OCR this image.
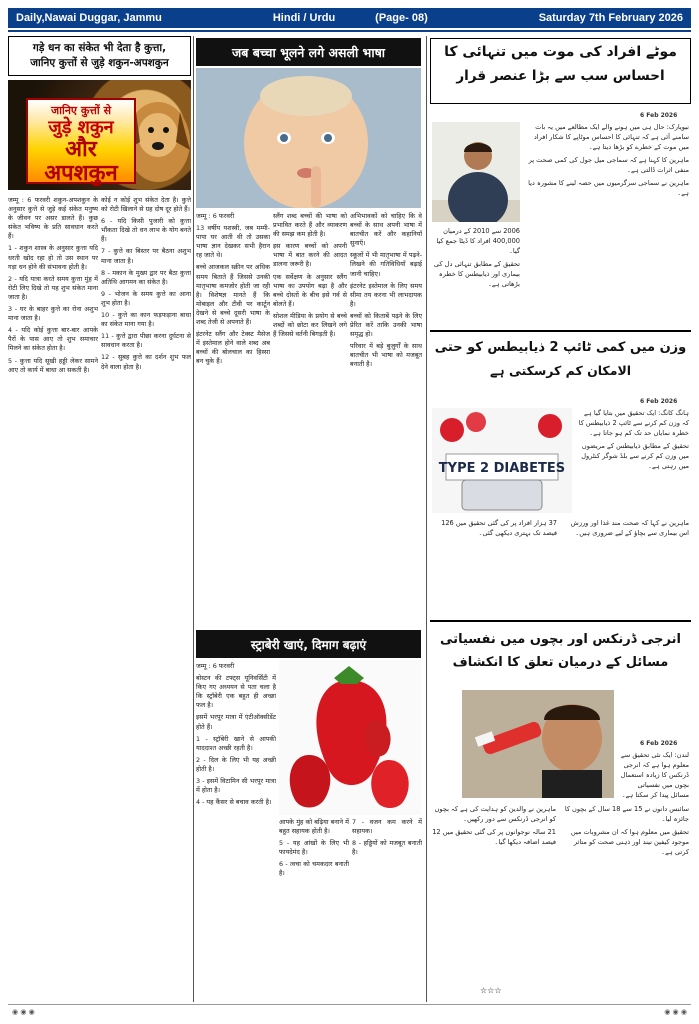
Daily,Nawai Duggar, Jammu	Hindi / Urdu	(Page- 08)	Saturday 7th February 2026
गड़े धन का संकेत भी देता है कुत्ता,
जानिए कुत्तों से जुड़े शकुन-अपशकुन
जानिए कुत्तों से
जुड़े शकुन
और अपशकुन

जम्मू : 6 फरवरी शकुन-अपशकुन के अनुसार कुत्ते से जुड़े कई संकेत मनुष्य के जीवन पर असर डालते हैं। कुछ संकेत भविष्य के प्रति सावधान करते हैं।

1 - शकुन शास्त्र के अनुसार कुत्ता यदि धरती खोद रहा हो तो उस स्थान पर गड़ा धन होने की संभावना होती है।

2 - यदि यात्रा करते समय कुत्ता मुंह में रोटी लिए दिखे तो यह शुभ संकेत माना जाता है।

3 - घर के बाहर कुत्ते का रोना अशुभ माना जाता है।

4 - यदि कोई कुत्ता बार-बार आपके पैरों के पास आए तो शुभ समाचार मिलने का संकेत होता है।

5 - कुत्ता यदि सूखी हड्डी लेकर सामने आए तो कार्य में बाधा आ सकती है।

कोई न कोई शुभ संकेत देता है। कुत्ते को रोटी खिलाने से ग्रह दोष दूर होते हैं।

6 - यदि किसी पुजारी को कुत्ता भौंकता दिखे तो धन लाभ के योग बनते हैं।

7 - कुत्ते का बिस्तर पर बैठना अशुभ माना जाता है।

8 - मकान के मुख्य द्वार पर बैठा कुत्ता अतिथि आगमन का संकेत है।

9 - भोजन के समय कुत्ते का आना शुभ होता है।

10 - कुत्ते का कान फड़फड़ाना बाधा का संकेत माना गया है।

11 - कुत्ते द्वारा पीछा करना दुर्घटना से सावधान करता है।

12 - सुबह कुत्ते का दर्शन शुभ फल देने वाला होता है।

जब बच्चा भूलने लगे असली भाषा

जम्मू : 6 फरवरी

13 वर्षीय यशस्वी, जब मम्मी-पापा घर आती थी तो उसका भाषा ज्ञान देखकर सभी हैरान रह जाते थे।

बच्चे आजकल स्क्रीन पर अधिक समय बिताते हैं जिससे उनकी मातृभाषा कमजोर होती जा रही है। विशेषज्ञ मानते हैं कि मोबाइल और टीवी पर कार्टून देखने से बच्चे दूसरी भाषा के शब्द तेजी से अपनाते हैं।

इंटरनेट स्लैंग और टेक्स्ट मैसेज में इस्तेमाल होने वाले शब्द अब बच्चों की बोलचाल का हिस्सा बन चुके हैं।

स्लैंग शब्द बच्चों की भाषा को प्रभावित करते हैं और व्याकरण की समझ कम होती है।

इस कारण बच्चों को अपनी भाषा में बात करने की आदत डालना जरूरी है।

एक सर्वेक्षण के अनुसार स्लैंग भाषा का उपयोग बढ़ा है और बच्चे दोस्तों के बीच इसे गर्व से बोलते हैं।

सोशल मीडिया के प्रयोग से बच्चे शब्दों को छोटा कर लिखने लगे हैं जिससे वर्तनी बिगड़ती है।

अभिभावकों को चाहिए कि वे बच्चों के साथ अपनी भाषा में बातचीत करें और कहानियाँ सुनाएँ।

स्कूलों में भी मातृभाषा में पढ़ने-लिखने की गतिविधियाँ बढ़ाई जानी चाहिए।

इंटरनेट इस्तेमाल के लिए समय सीमा तय करना भी लाभदायक है।

बच्चों को किताबें पढ़ने के लिए प्रेरित करें ताकि उनकी भाषा समृद्ध हो।

परिवार में बड़े बुजुर्गों के साथ बातचीत भी भाषा को मजबूत बनाती है।

स्ट्राबेरी खाएं, दिमाग बढ़ाएं

जम्मू : 6 फरवरी

बोस्टन की टफ्ट्स यूनिवर्सिटी में किए गए अध्ययन से पता चला है कि स्ट्रॉबेरी एक बहुत ही अच्छा फल है।

इसमें भरपूर मात्रा में एंटीऑक्सीडेंट होते हैं।

1 - स्ट्रॉबेरी खाने से आपकी याददाश्त अच्छी रहती है।

2 - दिल के लिए भी यह अच्छी होती है।

3 - इसमें विटामिन सी भरपूर मात्रा में होता है।

4 - यह कैंसर से बचाव करती है।

आपके मुंह को बढ़िया बनाने में बहुत सहायक होती है।

5 - यह आंखों के लिए भी फायदेमंद है।

6 - त्वचा को चमकदार बनाती है।

7 - वजन कम करने में सहायक।

8 - हड्डियों को मजबूत बनाती है।

موٹے افراد کی موت میں تنہائی کا
احساس سب سے بڑا عنصر قرار
6 Feb 2026

نیویارک: حال ہی میں ہونے والے ایک مطالعے میں یہ بات سامنے آئی ہے کہ تنہائی کا احساس موٹاپے کا شکار افراد میں موت کے خطرے کو بڑھا دیتا ہے۔

ماہرین کا کہنا ہے کہ سماجی میل جول کی کمی صحت پر منفی اثرات ڈالتی ہے۔

ماہرین نے سماجی سرگرمیوں میں حصہ لینے کا مشورہ دیا ہے۔

2006 سے 2010 کے درمیان 400,000 افراد کا ڈیٹا جمع کیا گیا۔

تحقیق کے مطابق تنہائی دل کی بیماری اور ذیابیطس کا خطرہ بڑھاتی ہے۔

وزن میں کمی ٹائپ 2 ذیابیطس کو حتی
الامکان کم کرسکتی ہے
6 Feb 2026
TYPE 2 DIABETES

ہانگ کانگ: ایک تحقیق میں بتایا گیا ہے کہ وزن کم کرنے سے ٹائپ 2 ذیابیطس کا خطرہ نمایاں حد تک کم ہو جاتا ہے۔

تحقیق کے مطابق ذیابیطس کے مریضوں میں وزن کم کرنے سے بلڈ شوگر کنٹرول میں رہتی ہے۔

37 ہزار افراد پر کی گئی تحقیق میں 126 فیصد تک بہتری دیکھی گئی۔

ماہرین نے کہا کہ صحت مند غذا اور ورزش اس بیماری سے بچاؤ کے لیے ضروری ہیں۔

انرجی ڈرنکس اور بچوں میں نفسیاتی
مسائل کے درمیان تعلق کا انکشاف
6 Feb 2026

لندن: ایک نئی تحقیق سے معلوم ہوا ہے کہ انرجی ڈرنکس کا زیادہ استعمال بچوں میں نفسیاتی مسائل پیدا کر سکتا ہے۔

ماہرین نے والدین کو ہدایت کی ہے کہ بچوں کو انرجی ڈرنکس سے دور رکھیں۔

21 سالہ نوجوانوں پر کی گئی تحقیق میں 12 فیصد اضافہ دیکھا گیا۔

سائنس دانوں نے 15 سے 18 سال کے بچوں کا جائزہ لیا۔

تحقیق میں معلوم ہوا کہ ان مشروبات میں موجود کیفین نیند اور ذہنی صحت کو متاثر کرتی ہے۔

☆☆☆
◉ ◉ ◉	◉ ◉ ◉
